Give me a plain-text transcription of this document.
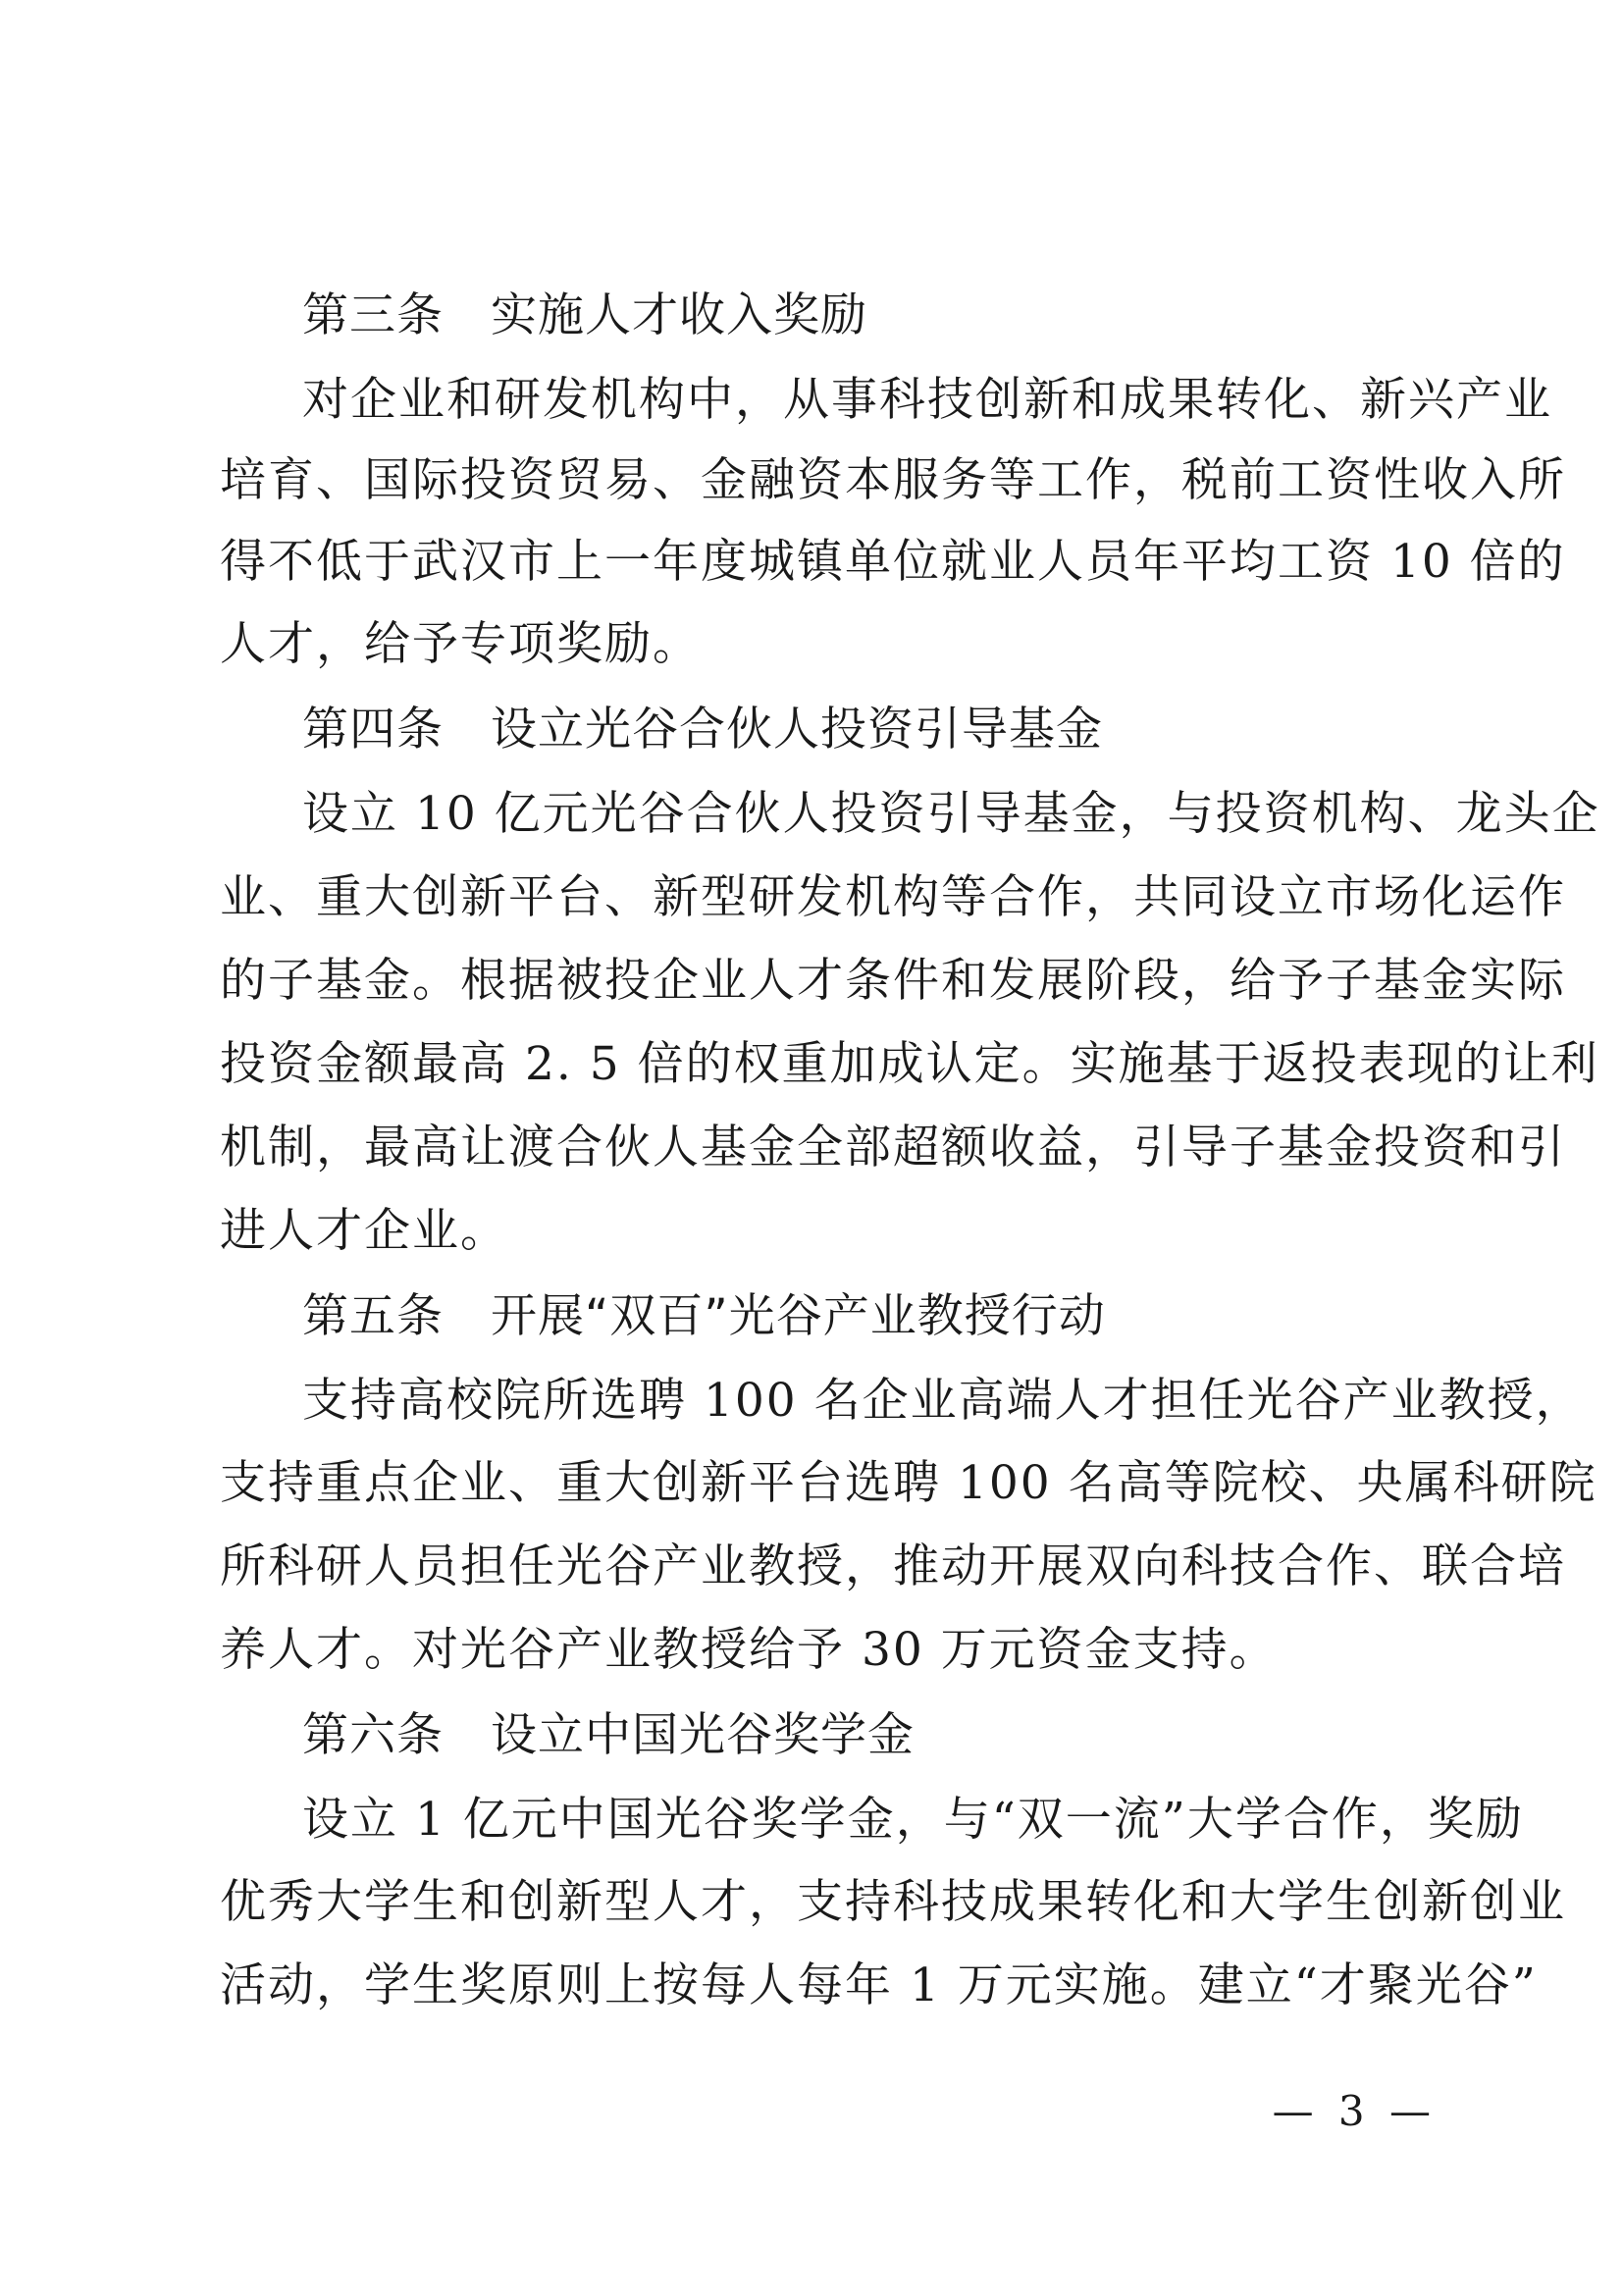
第三条 实施人才收入奖励
对企业和研发机构中，从事科技创新和成果转化、新兴产业
培育、国际投资贸易、金融资本服务等工作，税前工资性收入所
得不低于武汉市上一年度城镇单位就业人员年平均工资 10 倍的
人才，给予专项奖励。
第四条 设立光谷合伙人投资引导基金
设立 10 亿元光谷合伙人投资引导基金，与投资机构、龙头企
业、重大创新平台、新型研发机构等合作，共同设立市场化运作
的子基金。根据被投企业人才条件和发展阶段，给予子基金实际
投资金额最高 2. 5 倍的权重加成认定。实施基于返投表现的让利
机制，最高让渡合伙人基金全部超额收益，引导子基金投资和引
进人才企业。
第五条 开展“双百”光谷产业教授行动
支持高校院所选聘 100 名企业高端人才担任光谷产业教授，
支持重点企业、重大创新平台选聘 100 名高等院校、央属科研院
所科研人员担任光谷产业教授，推动开展双向科技合作、联合培
养人才。对光谷产业教授给予 30 万元资金支持。
第六条 设立中国光谷奖学金
设立 1 亿元中国光谷奖学金，与“双一流”大学合作，奖励
优秀大学生和创新型人才，支持科技成果转化和大学生创新创业
活动，学生奖原则上按每人每年 1 万元实施。建立“才聚光谷”
— 3 —
